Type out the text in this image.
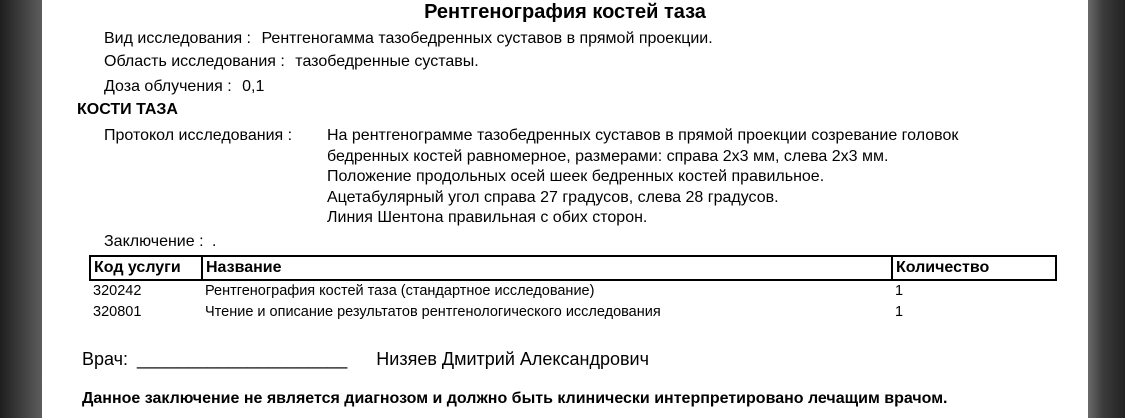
Рентгенография костей таза
Вид исследования : Рентгеногамма тазобедренных суставов в прямой проекции.
Область исследования : тазобедренные суставы.
Доза облучения : 0,1
КОСТИ ТАЗА
Протокол исследования : На рентгенограмме тазобедренных суставов в прямой проекции созревание головок
бедренных костей равномерное, размерами: справа 2х3 мм, слева 2х3 мм.
Положение продольных осей шеек бедренных костей правильное.
Ацетабулярный угол справа 27 градусов, слева 28 градусов.
Линия Шентона правильная с обих сторон.
Заключение : .
Код услуги	Название	Количество
320242	Рентгенография костей таза (стандартное исследование)	1
320801	Чтение и описание результатов рентгенологического исследования	1
Врач: _____________________ Низяев Дмитрий Александрович
Данное заключение не является диагнозом и должно быть клинически интерпретировано лечащим врачом.
